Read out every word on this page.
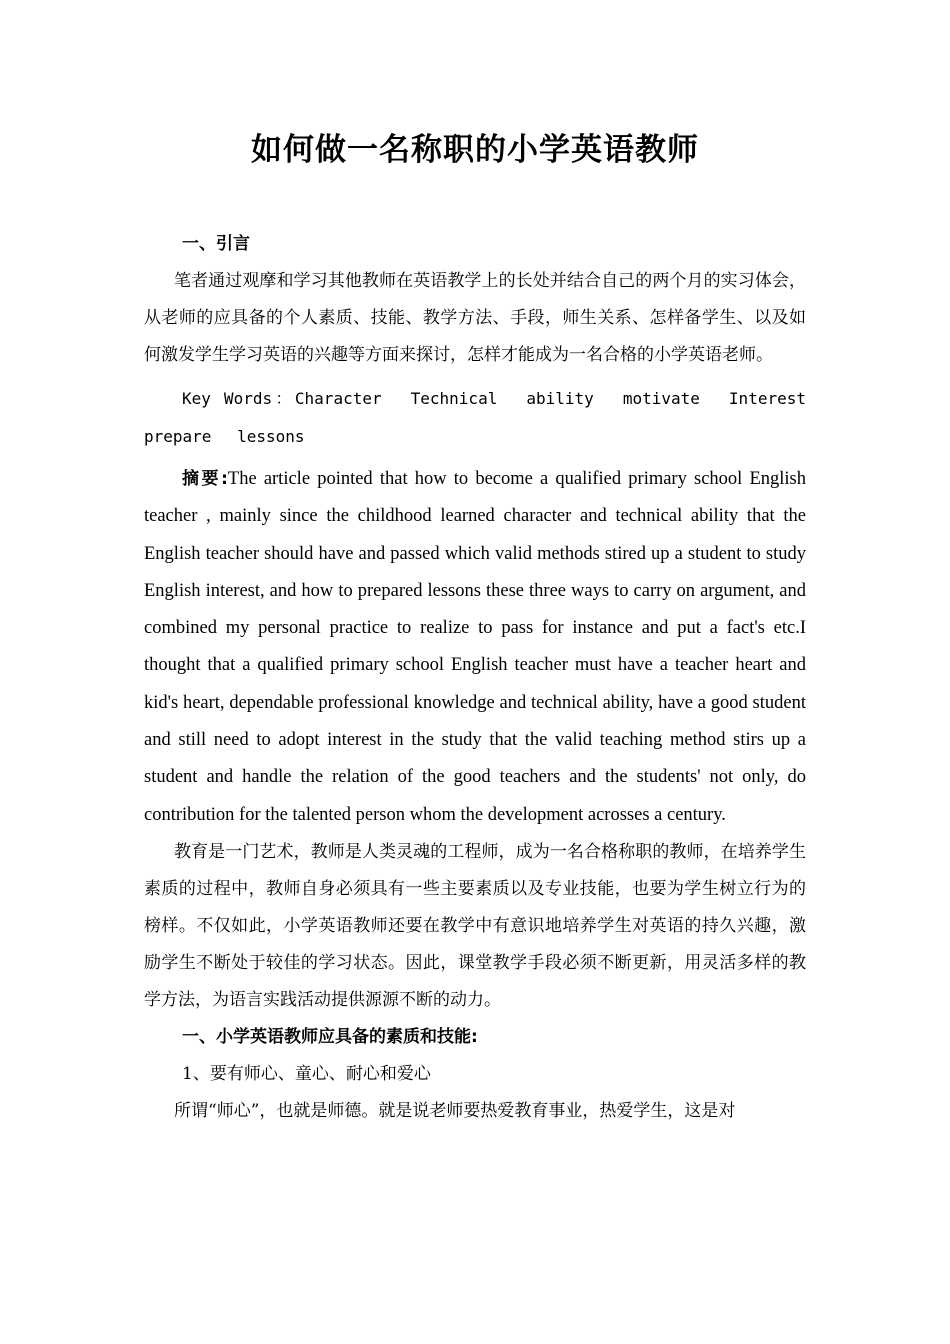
如何做一名称职的小学英语教师

一、引言

笔者通过观摩和学习其他教师在英语教学上的长处并结合自己的两个月的实习体会，从老师的应具备的个人素质、技能、教学方法、手段，师生关系、怎样备学生、以及如何激发学生学习英语的兴趣等方面来探讨，怎样才能成为一名合格的小学英语老师。

Key Words：Character Technical ability motivate Interest prepare lessons

摘要:The article pointed that how to become a qualified primary school English teacher , mainly since the childhood learned character and technical ability that the English teacher should have and passed which valid methods stired up a student to study English interest, and how to prepared lessons these three ways to carry on argument, and combined my personal practice to realize to pass for instance and put a fact's etc.I thought that a qualified primary school English teacher must have a teacher heart and kid's heart, dependable professional knowledge and technical ability, have a good student and still need to adopt interest in the study that the valid teaching method stirs up a student and handle the relation of the good teachers and the students' not only, do contribution for the talented person whom the development acrosses a century.

教育是一门艺术，教师是人类灵魂的工程师，成为一名合格称职的教师，在培养学生素质的过程中，教师自身必须具有一些主要素质以及专业技能，也要为学生树立行为的榜样。不仅如此，小学英语教师还要在教学中有意识地培养学生对英语的持久兴趣，激励学生不断处于较佳的学习状态。因此，课堂教学手段必须不断更新，用灵活多样的教学方法，为语言实践活动提供源源不断的动力。

一、小学英语教师应具备的素质和技能:

1、要有师心、童心、耐心和爱心

所谓“师心”，也就是师德。就是说老师要热爱教育事业，热爱学生，这是对
